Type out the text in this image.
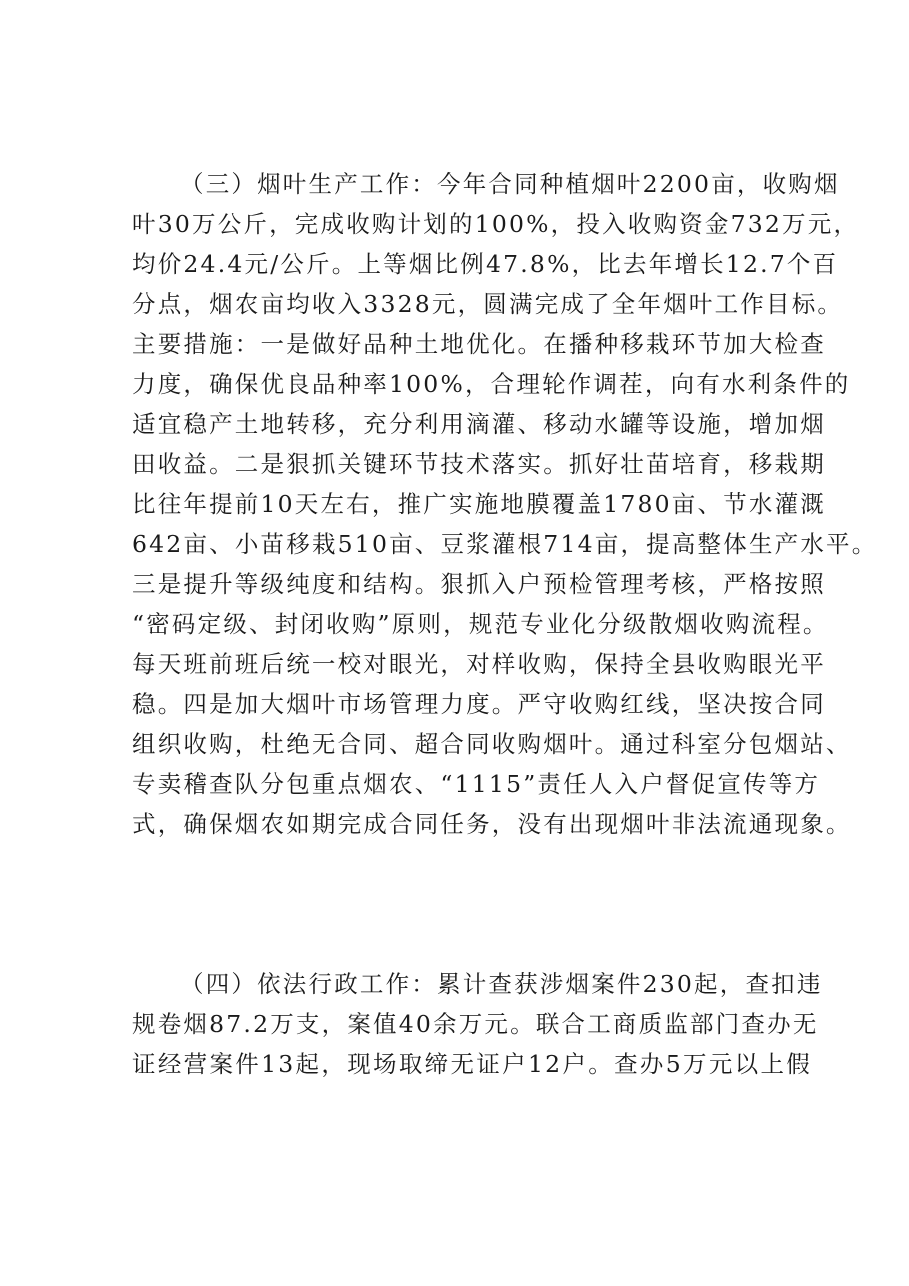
（三）烟叶生产工作：今年合同种植烟叶2200亩，收购烟
叶30万公斤，完成收购计划的100%，投入收购资金732万元，
均价24.4元/公斤。上等烟比例47.8%，比去年增长12.7个百
分点，烟农亩均收入3328元，圆满完成了全年烟叶工作目标。
主要措施：一是做好品种土地优化。在播种移栽环节加大检查
力度，确保优良品种率100%，合理轮作调茬，向有水利条件的
适宜稳产土地转移，充分利用滴灌、移动水罐等设施，增加烟
田收益。二是狠抓关键环节技术落实。抓好壮苗培育，移栽期
比往年提前10天左右，推广实施地膜覆盖1780亩、节水灌溉
642亩、小苗移栽510亩、豆浆灌根714亩，提高整体生产水平。
三是提升等级纯度和结构。狠抓入户预检管理考核，严格按照
“密码定级、封闭收购”原则，规范专业化分级散烟收购流程。
每天班前班后统一校对眼光，对样收购，保持全县收购眼光平
稳。四是加大烟叶市场管理力度。严守收购红线，坚决按合同
组织收购，杜绝无合同、超合同收购烟叶。通过科室分包烟站、
专卖稽查队分包重点烟农、“1115”责任人入户督促宣传等方
式，确保烟农如期完成合同任务，没有出现烟叶非法流通现象。
（四）依法行政工作：累计查获涉烟案件230起，查扣违
规卷烟87.2万支，案值40余万元。联合工商质监部门查办无
证经营案件13起，现场取缔无证户12户。查办5万元以上假
